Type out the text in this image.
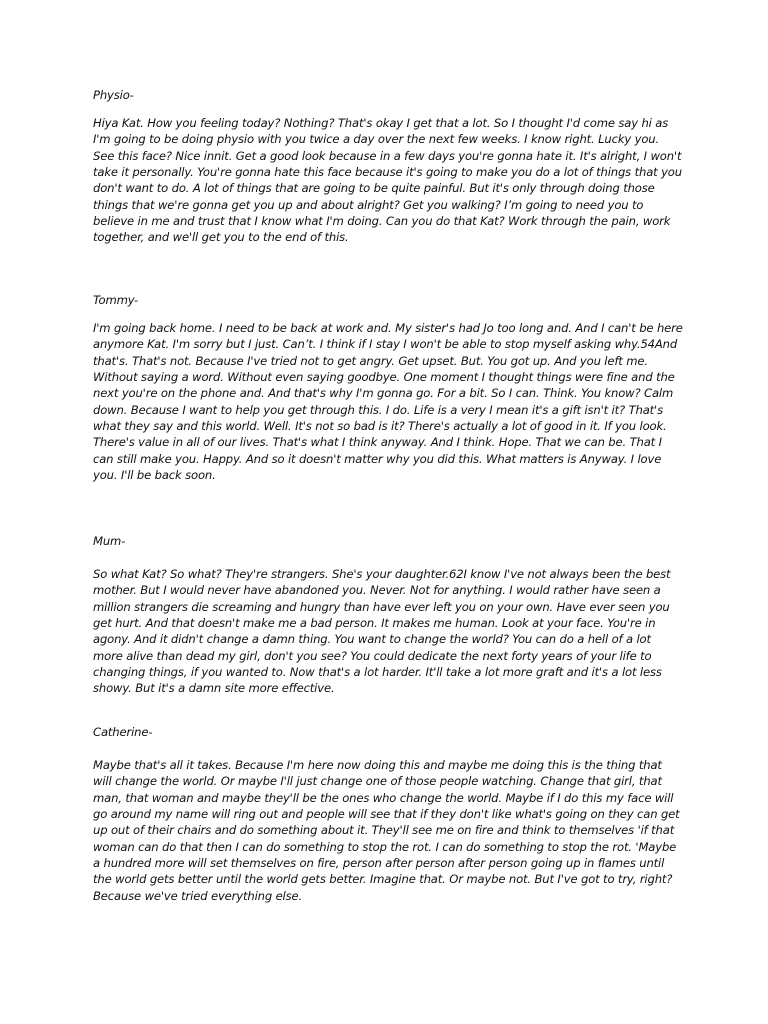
Physio-

Hiya Kat. How you feeling today? Nothing? That's okay I get that a lot. So I thought I'd come say hi as I'm going to be doing physio with you twice a day over the next few weeks. I know right. Lucky you. See this face? Nice innit. Get a good look because in a few days you're gonna hate it. It's alright, I won't take it personally. You're gonna hate this face because it's going to make you do a lot of things that you don't want to do. A lot of things that are going to be quite painful. But it's only through doing those things that we're gonna get you up and about alright? Get you walking? I’m going to need you to believe in me and trust that I know what I'm doing. Can you do that Kat? Work through the pain, work together, and we'll get you to the end of this.

Tommy-

I'm going back home. I need to be back at work and. My sister's had Jo too long and. And I can't be here anymore Kat. I'm sorry but I just. Can’t. I think if I stay I won't be able to stop myself asking why.54And that's. That's not. Because I've tried not to get angry. Get upset. But. You got up. And you left me. Without saying a word. Without even saying goodbye. One moment I thought things were fine and the next you're on the phone and. And that's why I'm gonna go. For a bit. So I can. Think. You know? Calm down. Because I want to help you get through this. I do. Life is a very I mean it's a gift isn't it? That's what they say and this world. Well. It's not so bad is it? There's actually a lot of good in it. If you look. There's value in all of our lives. That's what I think anyway. And I think. Hope. That we can be. That I can still make you. Happy. And so it doesn't matter why you did this. What matters is Anyway. I love you. I'll be back soon.

Mum-

So what Kat? So what? They're strangers. She's your daughter.62I know I've not always been the best mother. But I would never have abandoned you. Never. Not for anything. I would rather have seen a million strangers die screaming and hungry than have ever left you on your own. Have ever seen you get hurt. And that doesn't make me a bad person. It makes me human. Look at your face. You're in agony. And it didn't change a damn thing. You want to change the world? You can do a hell of a lot more alive than dead my girl, don't you see? You could dedicate the next forty years of your life to changing things, if you wanted to. Now that's a lot harder. It'll take a lot more graft and it's a lot less showy. But it's a damn site more effective.

Catherine-

Maybe that's all it takes. Because I'm here now doing this and maybe me doing this is the thing that will change the world. Or maybe I'll just change one of those people watching. Change that girl, that man, that woman and maybe they'll be the ones who change the world. Maybe if I do this my face will go around my name will ring out and people will see that if they don't like what's going on they can get up out of their chairs and do something about it. They'll see me on fire and think to themselves 'if that woman can do that then I can do something to stop the rot. I can do something to stop the rot. 'Maybe a hundred more will set themselves on fire, person after person after person going up in flames until the world gets better until the world gets better. Imagine that. Or maybe not. But I've got to try, right? Because we've tried everything else.
